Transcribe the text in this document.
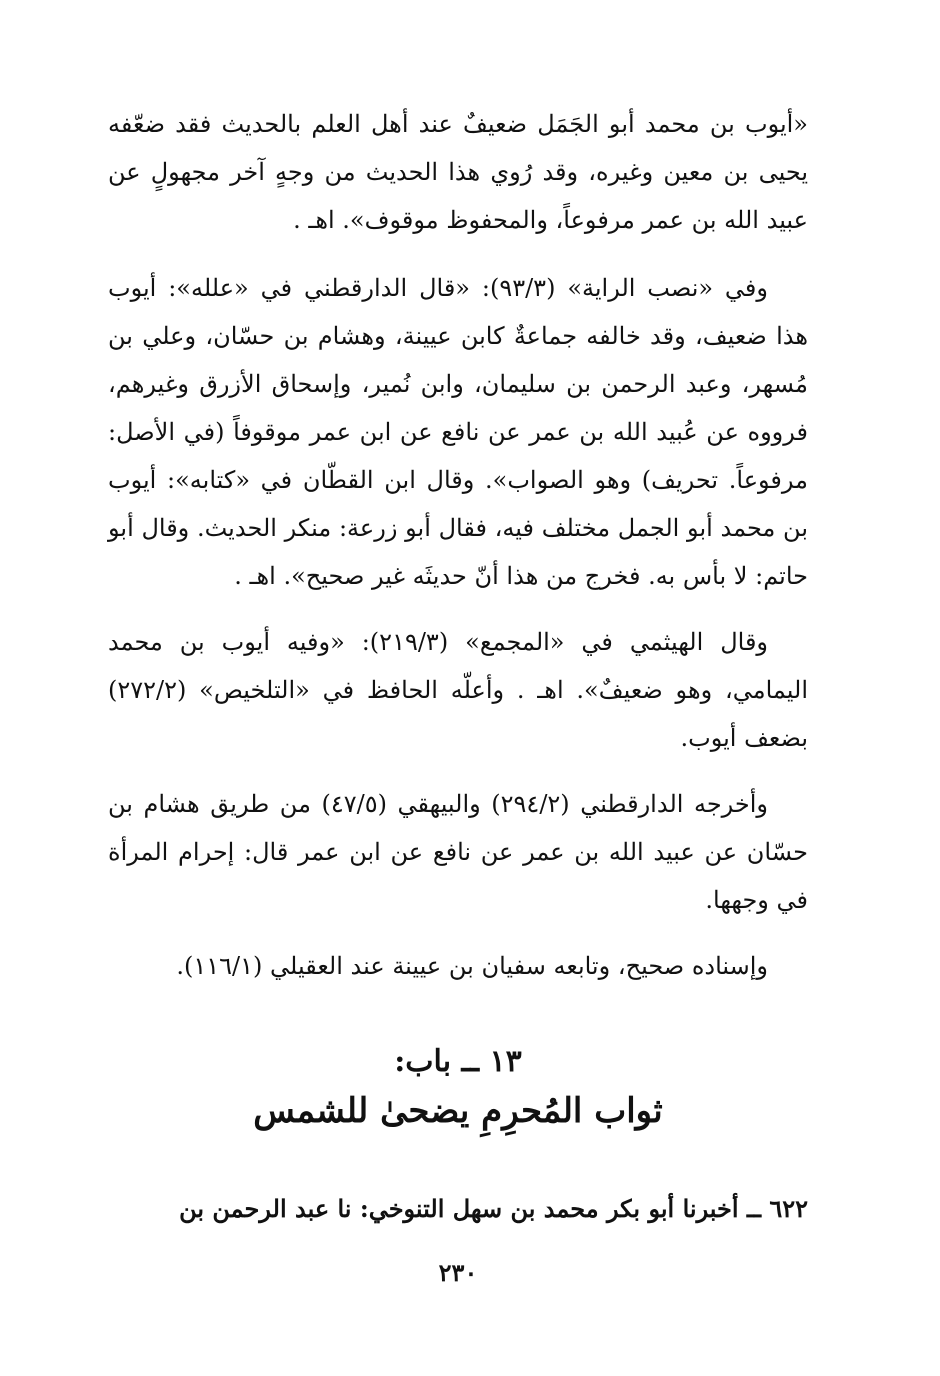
«أيوب بن محمد أبو الجَمَل ضعيفٌ عند أهل العلم بالحديث فقد ضعّفه يحيى بن معين وغيره، وقد رُوي هذا الحديث من وجهٍ آخر مجهولٍ عن عبيد الله بن عمر مرفوعاً، والمحفوظ موقوف». اهـ .

وفي «نصب الراية» (٩٣/٣): «قال الدارقطني في «علله»: أيوب هذا ضعيف، وقد خالفه جماعةٌ كابن عيينة، وهشام بن حسّان، وعلي بن مُسهر، وعبد الرحمن بن سليمان، وابن نُمير، وإسحاق الأزرق وغيرهم، فرووه عن عُبيد الله بن عمر عن نافع عن ابن عمر موقوفاً (في الأصل: مرفوعاً. تحريف) وهو الصواب». وقال ابن القطّان في «كتابه»: أيوب بن محمد أبو الجمل مختلف فيه، فقال أبو زرعة: منكر الحديث. وقال أبو حاتم: لا بأس به. فخرج من هذا أنّ حديثَه غير صحيح». اهـ .

وقال الهيثمي في «المجمع» (٢١٩/٣): «وفيه أيوب بن محمد اليمامي، وهو ضعيفٌ». اهـ . وأعلّه الحافظ في «التلخيص» (٢٧٢/٢) بضعف أيوب.

وأخرجه الدارقطني (٢٩٤/٢) والبيهقي (٤٧/٥) من طريق هشام بن حسّان عن عبيد الله بن عمر عن نافع عن ابن عمر قال: إحرام المرأة في وجهها.

وإسناده صحيح، وتابعه سفيان بن عيينة عند العقيلي (١١٦/١).

١٣ ــ باب:
ثواب المُحرِمِ يضحىٰ للشمس
٦٢٢ ــ أخبرنا أبو بكر محمد بن سهل التنوخي: نا عبد الرحمن بن
٢٣٠
